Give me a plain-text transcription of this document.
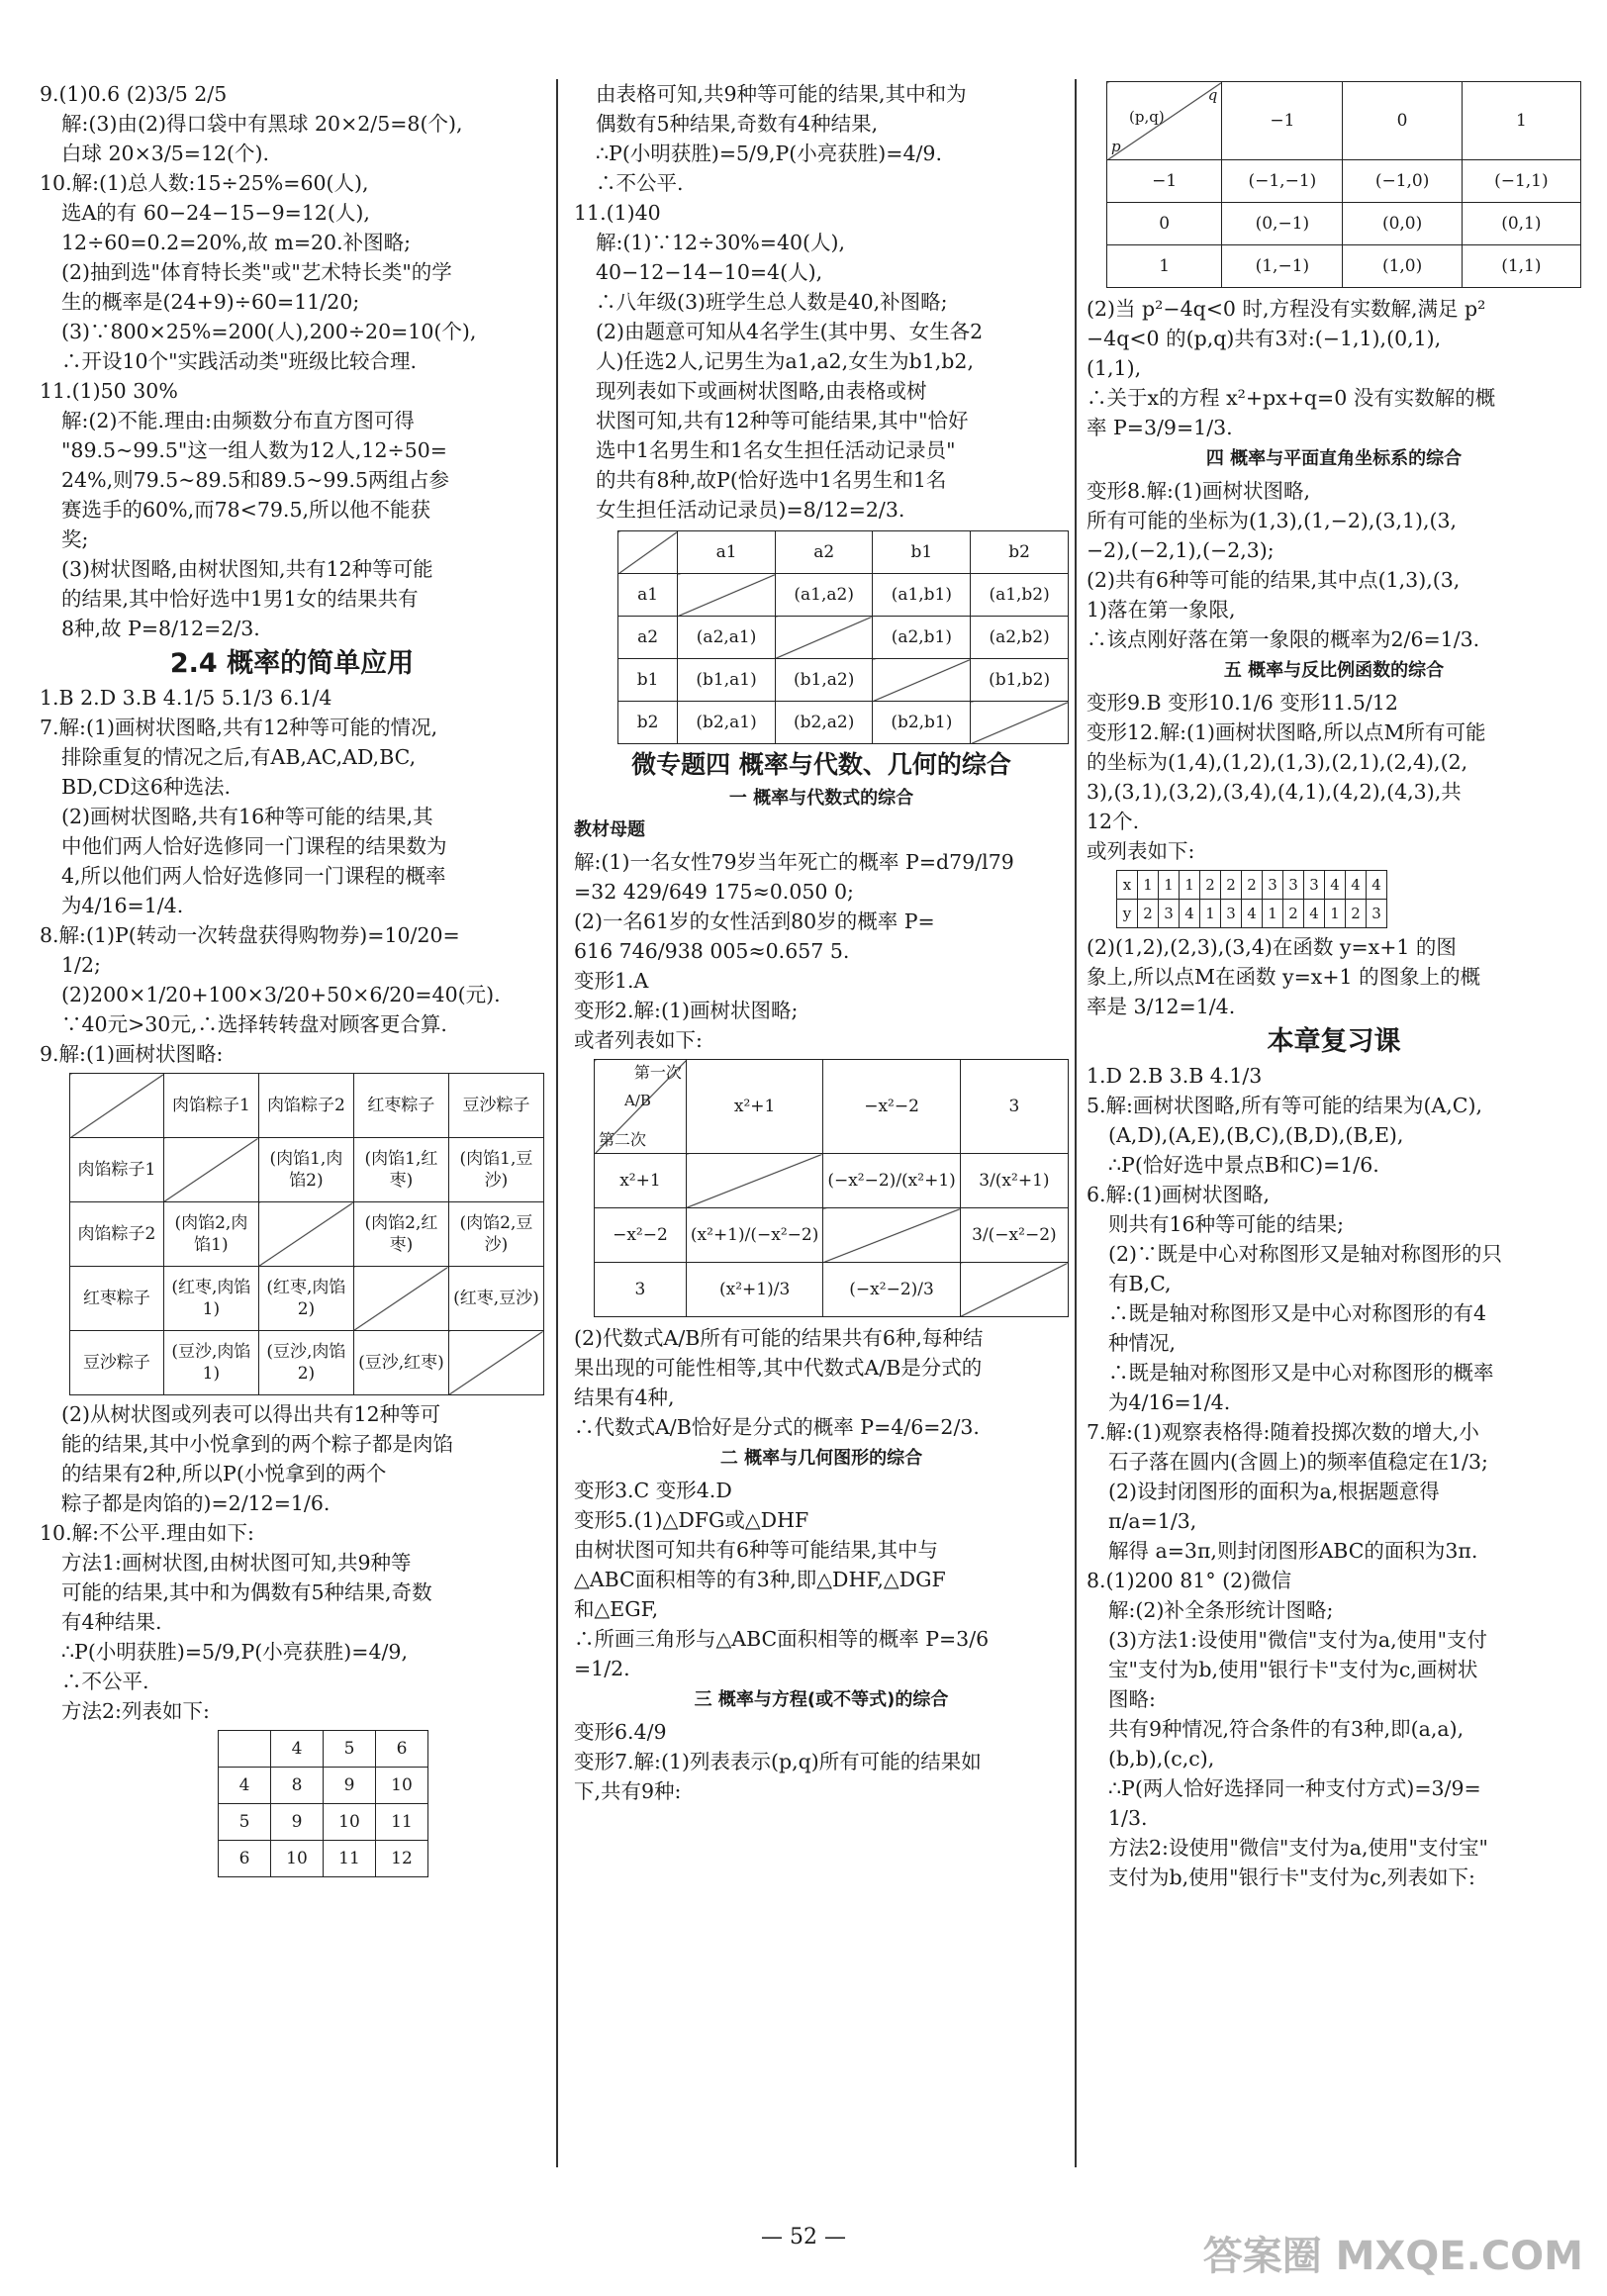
9.(1)0.6 (2)3/5 2/5
解:(3)由(2)得口袋中有黑球 20×2/5=8(个),
白球 20×3/5=12(个).
10.解:(1)总人数:15÷25%=60(人),
选A的有 60−24−15−9=12(人),
12÷60=0.2=20%,故 m=20.补图略;
(2)抽到选"体育特长类"或"艺术特长类"的学
生的概率是(24+9)÷60=11/20;
(3)∵800×25%=200(人),200÷20=10(个),
∴开设10个"实践活动类"班级比较合理.
11.(1)50 30%
解:(2)不能.理由:由频数分布直方图可得
"89.5~99.5"这一组人数为12人,12÷50=
24%,则79.5~89.5和89.5~99.5两组占参
赛选手的60%,而78<79.5,所以他不能获
奖;
(3)树状图略,由树状图知,共有12种等可能
的结果,其中恰好选中1男1女的结果共有
8种,故 P=8/12=2/3.
2.4 概率的简单应用
1.B 2.D 3.B 4.1/5 5.1/3 6.1/4
7.解:(1)画树状图略,共有12种等可能的情况,
排除重复的情况之后,有AB,AC,AD,BC,
BD,CD这6种选法.
(2)画树状图略,共有16种等可能的结果,其
中他们两人恰好选修同一门课程的结果数为
4,所以他们两人恰好选修同一门课程的概率
为4/16=1/4.
8.解:(1)P(转动一次转盘获得购物券)=10/20=
1/2;
(2)200×1/20+100×3/20+50×6/20=40(元).
∵40元>30元,∴选择转转盘对顾客更合算.
9.解:(1)画树状图略:
	肉馅粽子1	肉馅粽子2	红枣粽子	豆沙粽子
肉馅粽子1		(肉馅1,肉馅2)	(肉馅1,红枣)	(肉馅1,豆沙)
肉馅粽子2	(肉馅2,肉馅1)		(肉馅2,红枣)	(肉馅2,豆沙)
红枣粽子	(红枣,肉馅1)	(红枣,肉馅2)		(红枣,豆沙)
豆沙粽子	(豆沙,肉馅1)	(豆沙,肉馅2)	(豆沙,红枣)	
(2)从树状图或列表可以得出共有12种等可
能的结果,其中小悦拿到的两个粽子都是肉馅
的结果有2种,所以P(小悦拿到的两个
粽子都是肉馅的)=2/12=1/6.
10.解:不公平.理由如下:
方法1:画树状图,由树状图可知,共9种等
可能的结果,其中和为偶数有5种结果,奇数
有4种结果.
∴P(小明获胜)=5/9,P(小亮获胜)=4/9,
∴不公平.
方法2:列表如下:
	4	5	6
4	8	9	10
5	9	10	11
6	10	11	12
由表格可知,共9种等可能的结果,其中和为
偶数有5种结果,奇数有4种结果,
∴P(小明获胜)=5/9,P(小亮获胜)=4/9.
∴不公平.
11.(1)40
解:(1)∵12÷30%=40(人),
40−12−14−10=4(人),
∴八年级(3)班学生总人数是40,补图略;
(2)由题意可知从4名学生(其中男、女生各2
人)任选2人,记男生为a1,a2,女生为b1,b2,
现列表如下或画树状图略,由表格或树
状图可知,共有12种等可能结果,其中"恰好
选中1名男生和1名女生担任活动记录员"
的共有8种,故P(恰好选中1名男生和1名
女生担任活动记录员)=8/12=2/3.
	a1	a2	b1	b2
a1		(a1,a2)	(a1,b1)	(a1,b2)
a2	(a2,a1)		(a2,b1)	(a2,b2)
b1	(b1,a1)	(b1,a2)		(b1,b2)
b2	(b2,a1)	(b2,a2)	(b2,b1)	
微专题四 概率与代数、几何的综合
一 概率与代数式的综合
教材母题
解:(1)一名女性79岁当年死亡的概率 P=d79/l79
=32 429/649 175≈0.050 0;
(2)一名61岁的女性活到80岁的概率 P=
616 746/938 005≈0.657 5.
变形1.A
变形2.解:(1)画树状图略;
或者列表如下:
第一次
A/B
第二次	x²+1	−x²−2	3
x²+1		(−x²−2)/(x²+1)	3/(x²+1)
−x²−2	(x²+1)/(−x²−2)		3/(−x²−2)
3	(x²+1)/3	(−x²−2)/3	
(2)代数式A/B所有可能的结果共有6种,每种结
果出现的可能性相等,其中代数式A/B是分式的
结果有4种,
∴代数式A/B恰好是分式的概率 P=4/6=2/3.
二 概率与几何图形的综合
变形3.C 变形4.D
变形5.(1)△DFG或△DHF
由树状图可知共有6种等可能结果,其中与
△ABC面积相等的有3种,即△DHF,△DGF
和△EGF,
∴所画三角形与△ABC面积相等的概率 P=3/6
=1/2.
三 概率与方程(或不等式)的综合
变形6.4/9
变形7.解:(1)列表表示(p,q)所有可能的结果如
下,共有9种:
q
(p,q)
p	−1	0	1
−1	(−1,−1)	(−1,0)	(−1,1)
0	(0,−1)	(0,0)	(0,1)
1	(1,−1)	(1,0)	(1,1)
(2)当 p²−4q<0 时,方程没有实数解,满足 p²
−4q<0 的(p,q)共有3对:(−1,1),(0,1),
(1,1),
∴关于x的方程 x²+px+q=0 没有实数解的概
率 P=3/9=1/3.
四 概率与平面直角坐标系的综合
变形8.解:(1)画树状图略,
所有可能的坐标为(1,3),(1,−2),(3,1),(3,
−2),(−2,1),(−2,3);
(2)共有6种等可能的结果,其中点(1,3),(3,
1)落在第一象限,
∴该点刚好落在第一象限的概率为2/6=1/3.
五 概率与反比例函数的综合
变形9.B 变形10.1/6 变形11.5/12
变形12.解:(1)画树状图略,所以点M所有可能
的坐标为(1,4),(1,2),(1,3),(2,1),(2,4),(2,
3),(3,1),(3,2),(3,4),(4,1),(4,2),(4,3),共
12个.
或列表如下:
x	1	1	1	2	2	2	3	3	3	4	4	4
y	2	3	4	1	3	4	1	2	4	1	2	3
(2)(1,2),(2,3),(3,4)在函数 y=x+1 的图
象上,所以点M在函数 y=x+1 的图象上的概
率是 3/12=1/4.
本章复习课
1.D 2.B 3.B 4.1/3
5.解:画树状图略,所有等可能的结果为(A,C),
(A,D),(A,E),(B,C),(B,D),(B,E),
∴P(恰好选中景点B和C)=1/6.
6.解:(1)画树状图略,
则共有16种等可能的结果;
(2)∵既是中心对称图形又是轴对称图形的只
有B,C,
∴既是轴对称图形又是中心对称图形的有4
种情况,
∴既是轴对称图形又是中心对称图形的概率
为4/16=1/4.
7.解:(1)观察表格得:随着投掷次数的增大,小
石子落在圆内(含圆上)的频率值稳定在1/3;
(2)设封闭图形的面积为a,根据题意得
π/a=1/3,
解得 a=3π,则封闭图形ABC的面积为3π.
8.(1)200 81° (2)微信
解:(2)补全条形统计图略;
(3)方法1:设使用"微信"支付为a,使用"支付
宝"支付为b,使用"银行卡"支付为c,画树状
图略:
共有9种情况,符合条件的有3种,即(a,a),
(b,b),(c,c),
∴P(两人恰好选择同一种支付方式)=3/9=
1/3.
方法2:设使用"微信"支付为a,使用"支付宝"
支付为b,使用"银行卡"支付为c,列表如下:
— 52 —	答案圈 MXQE.COM
